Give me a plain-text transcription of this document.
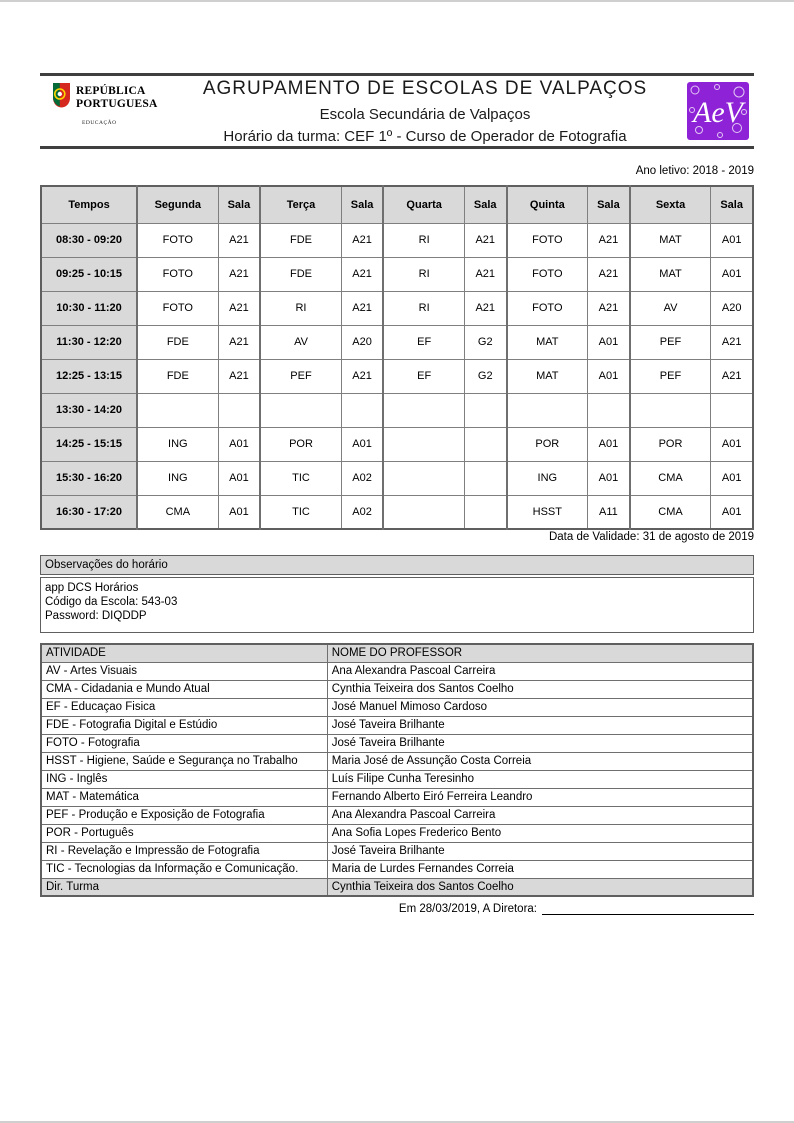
REPÚBLICA
PORTUGUESA
EDUCAÇÃO
AGRUPAMENTO DE ESCOLAS DE VALPAÇOS
Escola Secundária de Valpaços
Horário da turma: CEF 1º - Curso de Operador de Fotografia
AeV
Ano letivo: 2018 - 2019
Tempos	Segunda	Sala	Terça	Sala	Quarta	Sala	Quinta	Sala	Sexta	Sala
08:30 - 09:20	FOTO	A21	FDE	A21	RI	A21	FOTO	A21	MAT	A01
09:25 - 10:15	FOTO	A21	FDE	A21	RI	A21	FOTO	A21	MAT	A01
10:30 - 11:20	FOTO	A21	RI	A21	RI	A21	FOTO	A21	AV	A20
11:30 - 12:20	FDE	A21	AV	A20	EF	G2	MAT	A01	PEF	A21
12:25 - 13:15	FDE	A21	PEF	A21	EF	G2	MAT	A01	PEF	A21
13:30 - 14:20										
14:25 - 15:15	ING	A01	POR	A01			POR	A01	POR	A01
15:30 - 16:20	ING	A01	TIC	A02			ING	A01	CMA	A01
16:30 - 17:20	CMA	A01	TIC	A02			HSST	A11	CMA	A01
Data de Validade: 31 de agosto de 2019
Observações do horário
app DCS Horários
Código da Escola: 543-03
Password: DIQDDP
ATIVIDADE	NOME DO PROFESSOR
AV - Artes Visuais	Ana Alexandra Pascoal Carreira
CMA - Cidadania e Mundo Atual	Cynthia Teixeira dos Santos Coelho
EF - Educaçao Fisica	José Manuel Mimoso Cardoso
FDE - Fotografia Digital e Estúdio	José Taveira Brilhante
FOTO - Fotografia	José Taveira Brilhante
HSST - Higiene, Saúde e Segurança no Trabalho	Maria José de Assunção Costa Correia
ING - Inglês	Luís Filipe Cunha Teresinho
MAT - Matemática	Fernando Alberto Eiró Ferreira Leandro
PEF - Produção e Exposição de Fotografia	Ana Alexandra Pascoal Carreira
POR - Português	Ana Sofia Lopes Frederico Bento
RI - Revelação e Impressão de Fotografia	José Taveira Brilhante
TIC - Tecnologias da Informação e Comunicação.	Maria de Lurdes Fernandes Correia
Dir. Turma	Cynthia Teixeira dos Santos Coelho
Em 28/03/2019, A Diretora:
